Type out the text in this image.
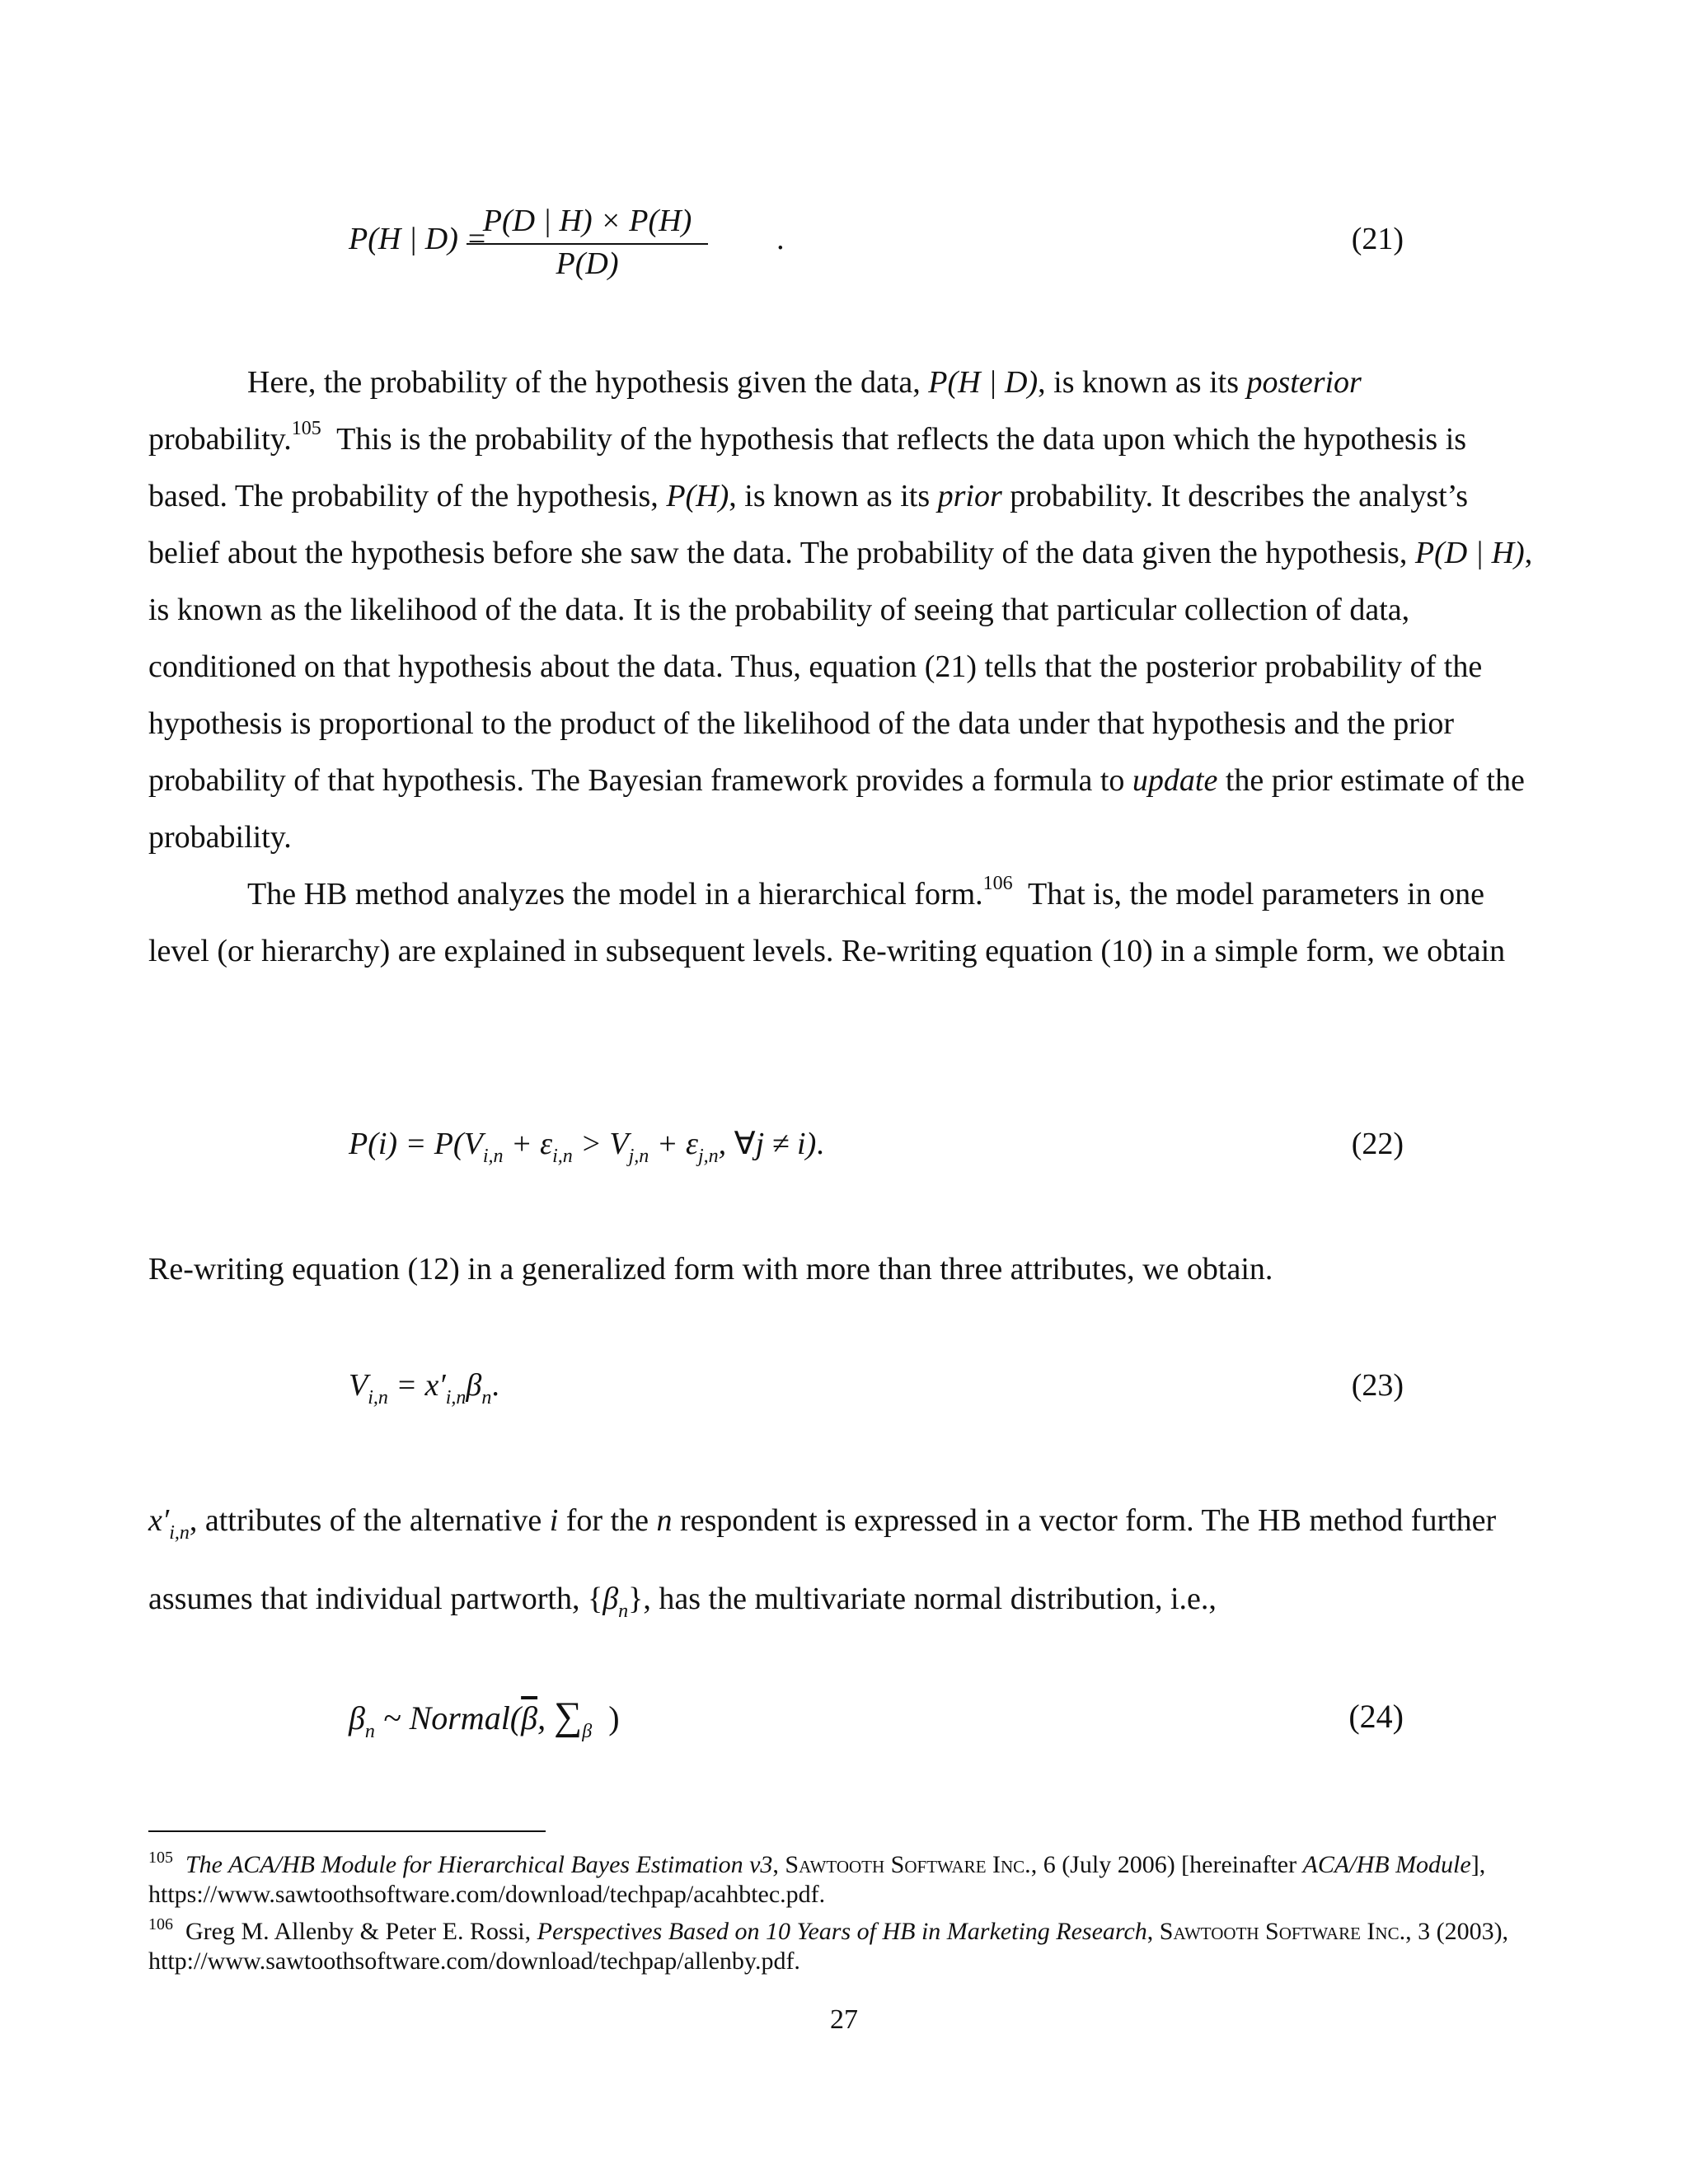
P(H | D) =
P(D | H) × P(H)
P(D)
.	(21)

Here, the probability of the hypothesis given the data, P(H | D), is known as its posterior probability.$^{105}$ This is the probability of the hypothesis that reflects the data upon which the hypothesis is based. The probability of the hypothesis, P(H), is known as its prior probability. It describes the analyst’s belief about the hypothesis before she saw the data. The probability of the data given the hypothesis, P(D | H), is known as the likelihood of the data. It is the probability of seeing that particular collection of data, conditioned on that hypothesis about the data. Thus, equation (21) tells that the posterior probability of the hypothesis is proportional to the product of the likelihood of the data under that hypothesis and the prior probability of that hypothesis. The Bayesian framework provides a formula to update the prior estimate of the probability.

The HB method analyzes the model in a hierarchical form.$^{106}$ That is, the model parameters in one level (or hierarchy) are explained in subsequent levels. Re-writing equation (10) in a simple form, we obtain

$P(i) = P(V_{i,n} + \varepsilon_{i,n} > V_{j,n} + \varepsilon_{j,n}$, ∀j ≠ i).	(22)

Re-writing equation (12) in a generalized form with more than three attributes, we obtain.

$V_{i,n} = x'_{i,n}\beta_n$.	(23)

$x'_{i,n}$, attributes of the alternative i for the n respondent is expressed in a vector form. The HB method further assumes that individual partworth, $\{\beta_n\}$, has the multivariate normal distribution, i.e.,

$\beta_n$ ~ $Normal(\overline{\beta}$, $\sum_\beta$ )	(24)

$^{105}$ The ACA/HB Module for Hierarchical Bayes Estimation v3, Sawtooth Software Inc., 6 (July 2006) [hereinafter ACA/HB Module], https://www.sawtoothsoftware.com/download/techpap/acahbtec.pdf.

$^{106}$ Greg M. Allenby & Peter E. Rossi, Perspectives Based on 10 Years of HB in Marketing Research, Sawtooth Software Inc., 3 (2003), http://www.sawtoothsoftware.com/download/techpap/allenby.pdf.

27
